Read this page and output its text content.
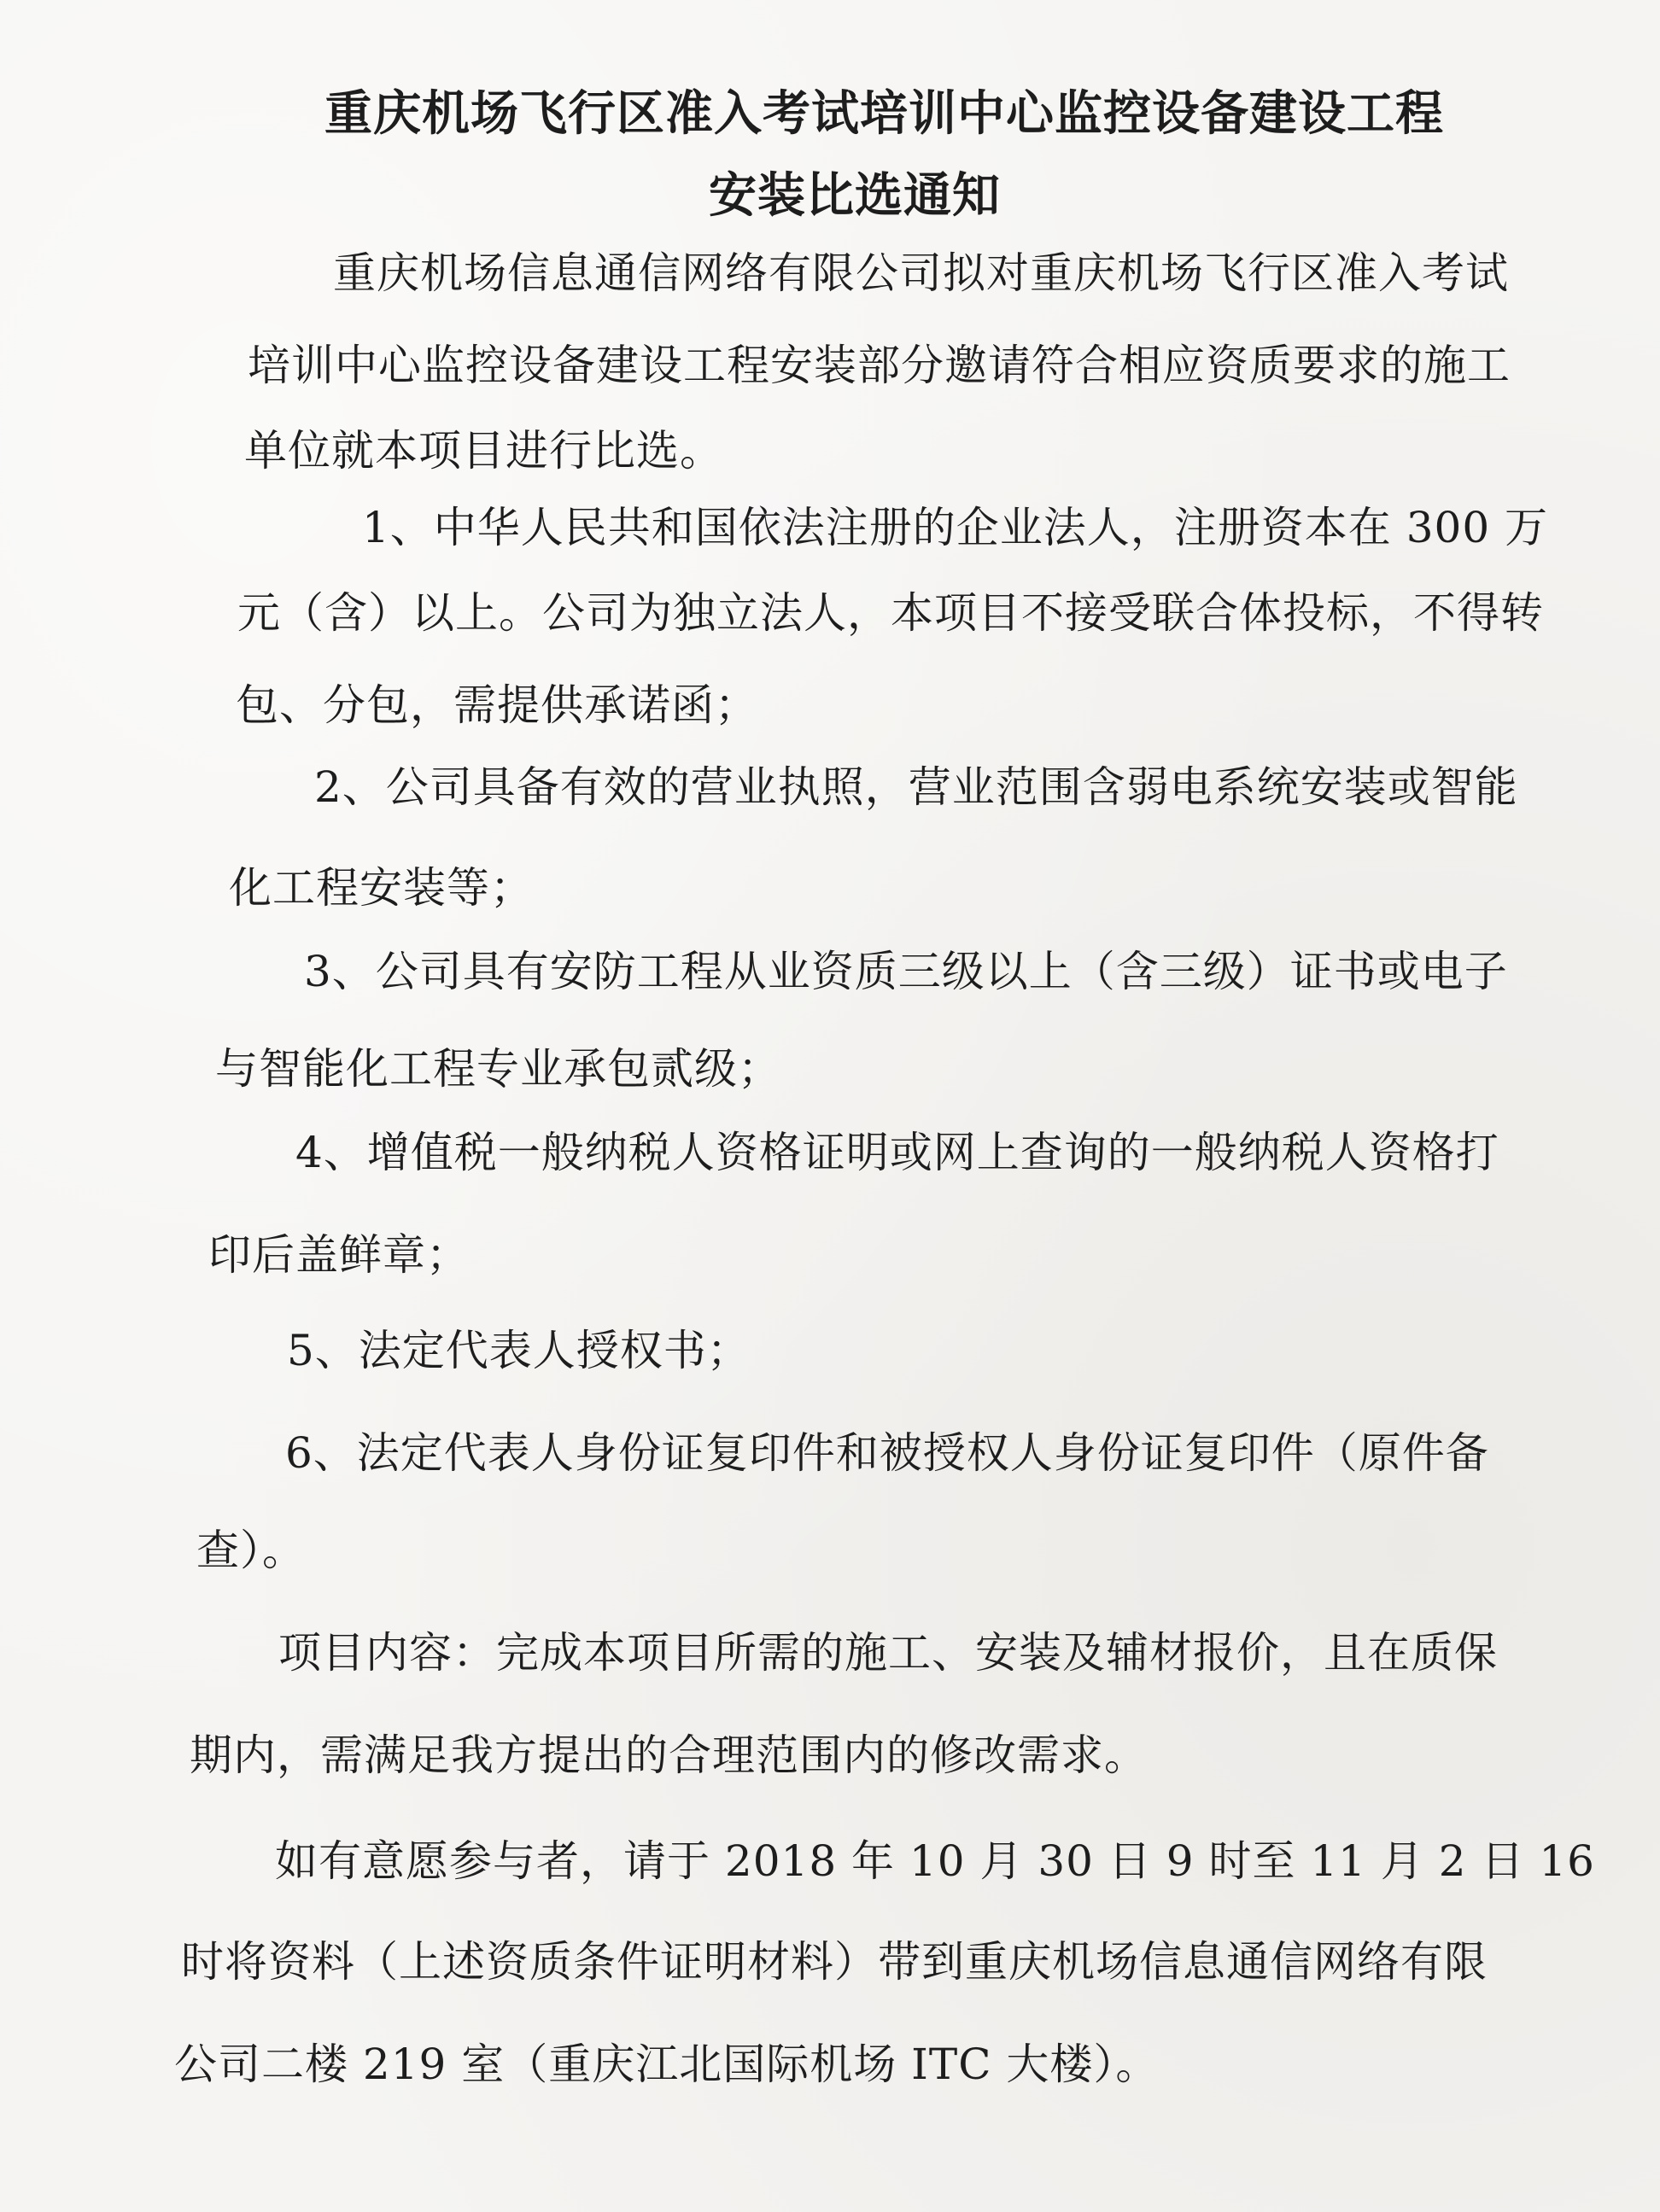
重庆机场飞行区准入考试培训中心监控设备建设工程
安装比选通知
重庆机场信息通信网络有限公司拟对重庆机场飞行区准入考试
培训中心监控设备建设工程安装部分邀请符合相应资质要求的施工
单位就本项目进行比选。
1、中华人民共和国依法注册的企业法人，注册资本在 300 万
元（含）以上。公司为独立法人，本项目不接受联合体投标，不得转
包、分包，需提供承诺函；
2、公司具备有效的营业执照，营业范围含弱电系统安装或智能
化工程安装等；
3、公司具有安防工程从业资质三级以上（含三级）证书或电子
与智能化工程专业承包贰级；
4、增值税一般纳税人资格证明或网上查询的一般纳税人资格打
印后盖鲜章；
5、法定代表人授权书；
6、法定代表人身份证复印件和被授权人身份证复印件（原件备
查）。
项目内容：完成本项目所需的施工、安装及辅材报价，且在质保
期内，需满足我方提出的合理范围内的修改需求。
如有意愿参与者，请于 2018 年 10 月 30 日 9 时至 11 月 2 日 16
时将资料（上述资质条件证明材料）带到重庆机场信息通信网络有限
公司二楼 219 室（重庆江北国际机场 ITC 大楼）。
